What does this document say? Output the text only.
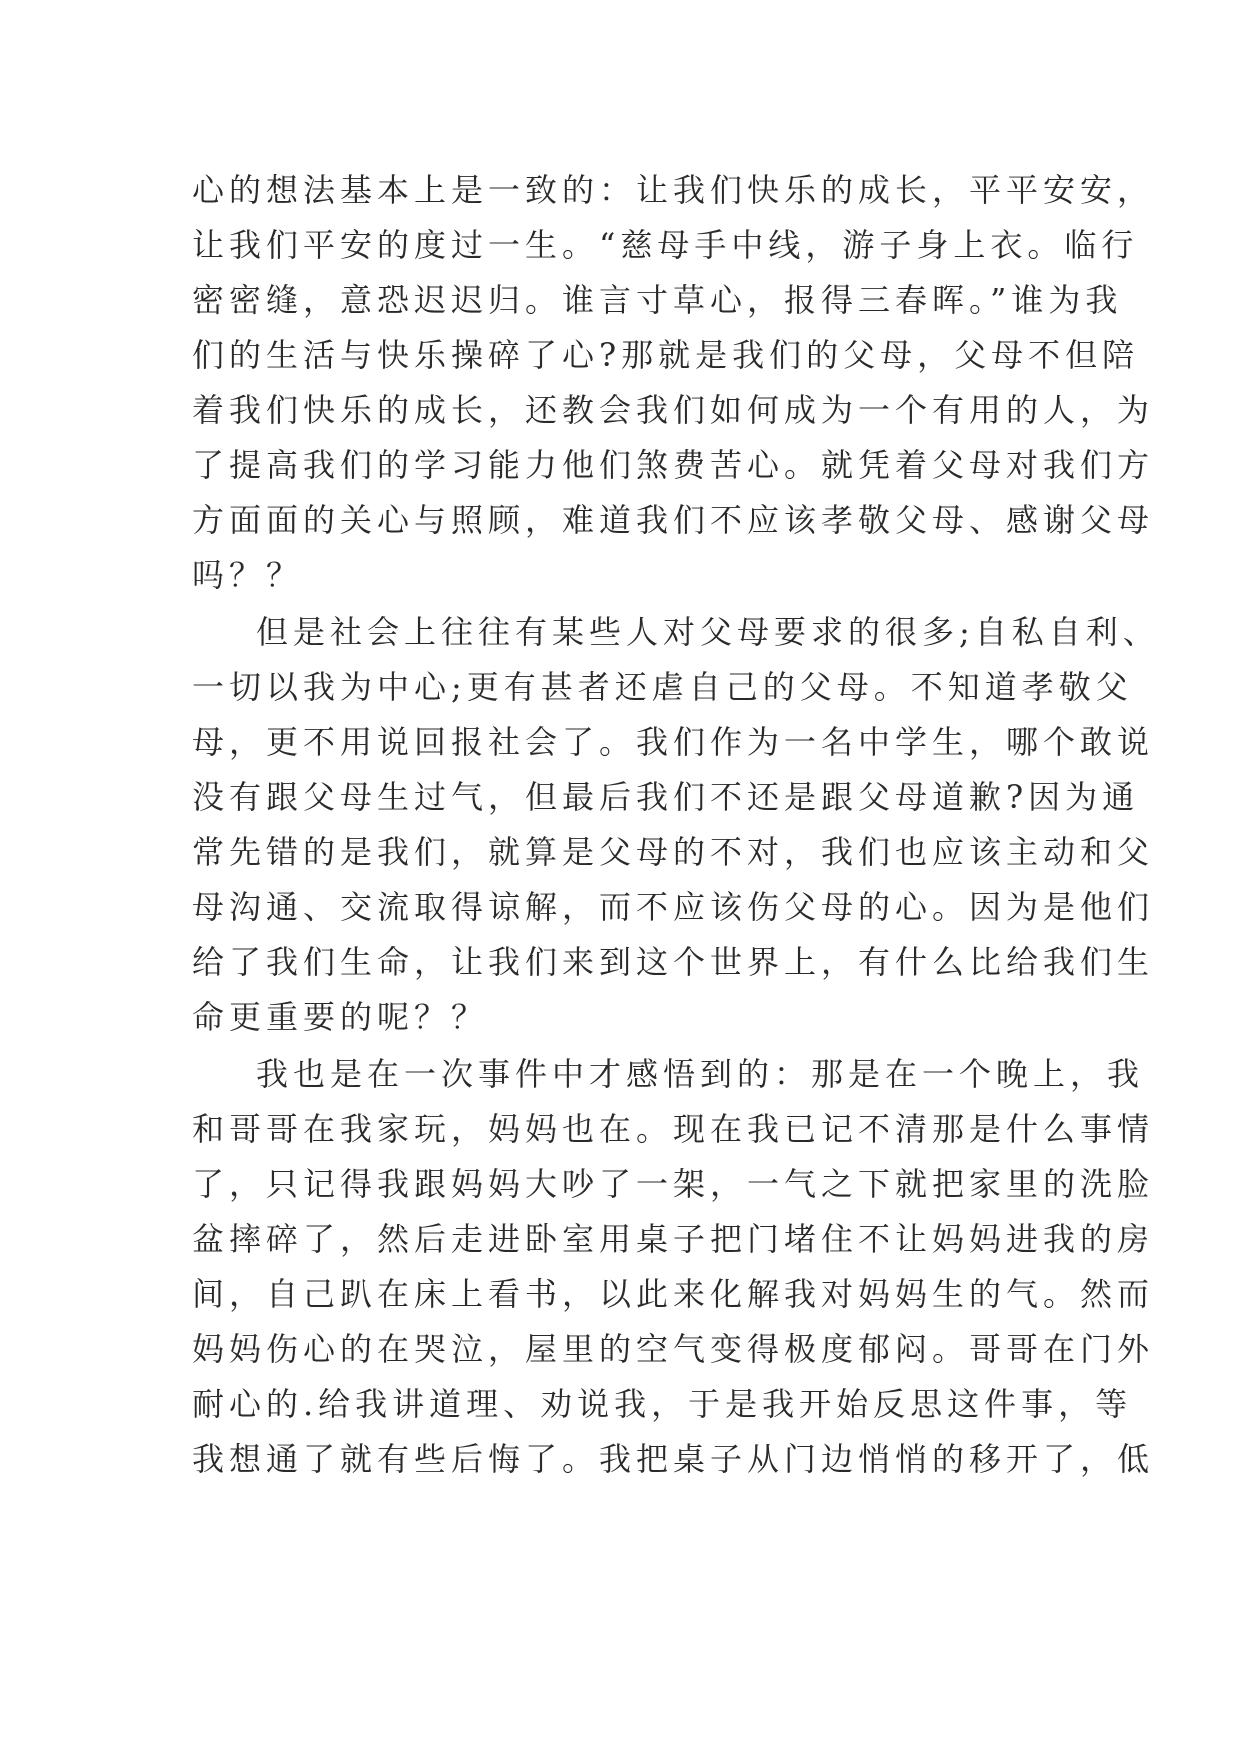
心的想法基本上是一致的：让我们快乐的成长，平平安安，
让我们平安的度过一生。“慈母手中线，游子身上衣。临行
密密缝，意恐迟迟归。谁言寸草心，报得三春晖。”谁为我
们的生活与快乐操碎了心?那就是我们的父母，父母不但陪
着我们快乐的成长，还教会我们如何成为一个有用的人，为
了提高我们的学习能力他们煞费苦心。就凭着父母对我们方
方面面的关心与照顾，难道我们不应该孝敬父母、感谢父母
吗？？
但是社会上往往有某些人对父母要求的很多;自私自利、
一切以我为中心;更有甚者还虐自己的父母。不知道孝敬父
母，更不用说回报社会了。我们作为一名中学生，哪个敢说
没有跟父母生过气，但最后我们不还是跟父母道歉?因为通
常先错的是我们，就算是父母的不对，我们也应该主动和父
母沟通、交流取得谅解，而不应该伤父母的心。因为是他们
给了我们生命，让我们来到这个世界上，有什么比给我们生
命更重要的呢？？
我也是在一次事件中才感悟到的：那是在一个晚上，我
和哥哥在我家玩，妈妈也在。现在我已记不清那是什么事情
了，只记得我跟妈妈大吵了一架，一气之下就把家里的洗脸
盆摔碎了，然后走进卧室用桌子把门堵住不让妈妈进我的房
间，自己趴在床上看书，以此来化解我对妈妈生的气。然而
妈妈伤心的在哭泣，屋里的空气变得极度郁闷。哥哥在门外
耐心的.给我讲道理、劝说我，于是我开始反思这件事，等
我想通了就有些后悔了。我把桌子从门边悄悄的移开了，低
